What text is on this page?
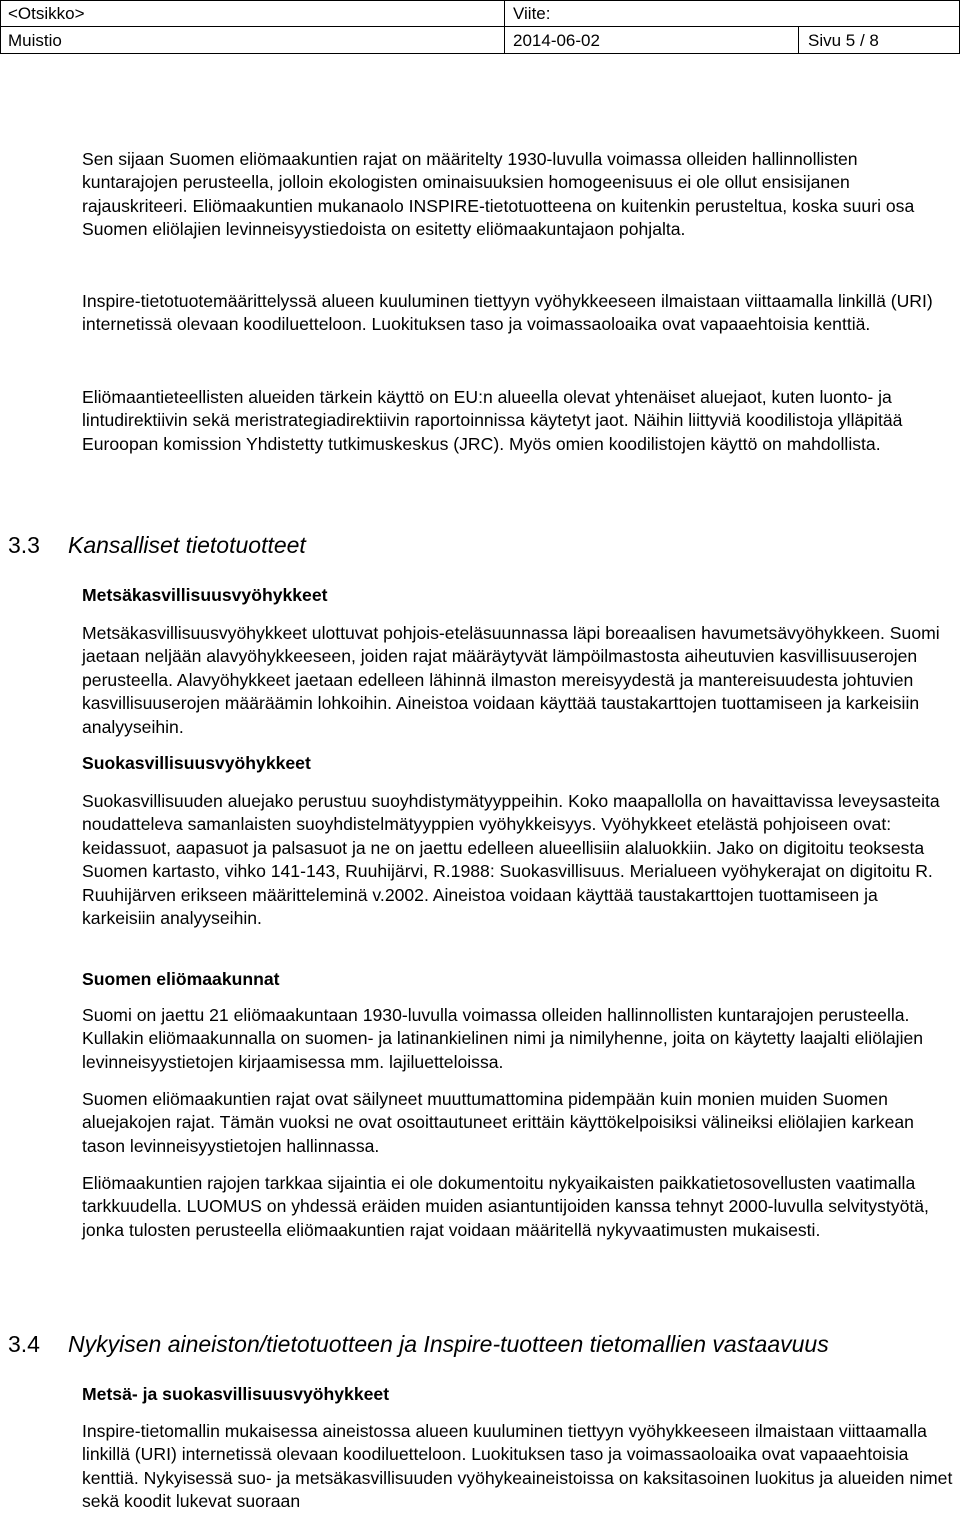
<Otsikko>	Viite:
Muistio	2014-06-02	Sivu 5 / 8

Sen sijaan Suomen eliömaakuntien rajat on määritelty 1930-luvulla voimassa olleiden hallinnollisten kuntarajojen perusteella, jolloin ekologisten ominaisuuksien homogeenisuus ei ole ollut ensisijanen rajauskriteeri. Eliömaakuntien mukanaolo INSPIRE-tietotuotteena on kuitenkin perusteltua, koska suuri osa Suomen eliölajien levinneisyystiedoista on esitetty eliömaakuntajaon pohjalta.

Inspire-tietotuotemäärittelyssä alueen kuuluminen tiettyyn vyöhykkeeseen ilmaistaan viittaamalla linkillä (URI) internetissä olevaan koodiluetteloon. Luokituksen taso ja voimassaoloaika ovat vapaaehtoisia kenttiä.

Eliömaantieteellisten alueiden tärkein käyttö on EU:n alueella olevat yhtenäiset aluejaot, kuten luonto- ja lintudirektiivin sekä meristrategiadirektiivin raportoinnissa käytetyt jaot. Näihin liittyviä koodilistoja ylläpitää Euroopan komission Yhdistetty tutkimuskeskus (JRC). Myös omien koodilistojen käyttö on mahdollista.

3.3 Kansalliset tietotuotteet
Metsäkasvillisuusvyöhykkeet

Metsäkasvillisuusvyöhykkeet ulottuvat pohjois-eteläsuunnassa läpi boreaalisen havumetsävyöhykkeen. Suomi jaetaan neljään alavyöhykkeeseen, joiden rajat määräytyvät lämpöilmastosta aiheutuvien kasvillisuuserojen perusteella. Alavyöhykkeet jaetaan edelleen lähinnä ilmaston mereisyydestä ja mantereisuudesta johtuvien kasvillisuuserojen määräämin lohkoihin. Aineistoa voidaan käyttää taustakarttojen tuottamiseen ja karkeisiin analyyseihin.

Suokasvillisuusvyöhykkeet

Suokasvillisuuden aluejako perustuu suoyhdistymätyyppeihin. Koko maapallolla on havaittavissa leveysasteita noudatteleva samanlaisten suoyhdistelmätyyppien vyöhykkeisyys. Vyöhykkeet etelästä pohjoiseen ovat: keidassuot, aapasuot ja palsasuot ja ne on jaettu edelleen alueellisiin alaluokkiin. Jako on digitoitu teoksesta Suomen kartasto, vihko 141-143, Ruuhijärvi, R.1988: Suokasvillisuus. Merialueen vyöhykerajat on digitoitu R. Ruuhijärven erikseen määritteleminä v.2002. Aineistoa voidaan käyttää taustakarttojen tuottamiseen ja karkeisiin analyyseihin.

Suomen eliömaakunnat

Suomi on jaettu 21 eliömaakuntaan 1930-luvulla voimassa olleiden hallinnollisten kuntarajojen perusteella. Kullakin eliömaakunnalla on suomen- ja latinankielinen nimi ja nimilyhenne, joita on käytetty laajalti eliölajien levinneisyystietojen kirjaamisessa mm. lajiluetteloissa.

Suomen eliömaakuntien rajat ovat säilyneet muuttumattomina pidempään kuin monien muiden Suomen aluejakojen rajat. Tämän vuoksi ne ovat osoittautuneet erittäin käyttökelpoisiksi välineiksi eliölajien karkean tason levinneisyystietojen hallinnassa.

Eliömaakuntien rajojen tarkkaa sijaintia ei ole dokumentoitu nykyaikaisten paikkatietosovellusten vaatimalla tarkkuudella. LUOMUS on yhdessä eräiden muiden asiantuntijoiden kanssa tehnyt 2000-luvulla selvitystyötä, jonka tulosten perusteella eliömaakuntien rajat voidaan määritellä nykyvaatimusten mukaisesti.

3.4 Nykyisen aineiston/tietotuotteen ja Inspire-tuotteen tietomallien vastaavuus
Metsä- ja suokasvillisuusvyöhykkeet

Inspire-tietomallin mukaisessa aineistossa alueen kuuluminen tiettyyn vyöhykkeeseen ilmaistaan viittaamalla linkillä (URI) internetissä olevaan koodiluetteloon. Luokituksen taso ja voimassaoloaika ovat vapaaehtoisia kenttiä. Nykyisessä suo- ja metsäkasvillisuuden vyöhykeaineistoissa on kaksitasoinen luokitus ja alueiden nimet sekä koodit lukevat suoraan
